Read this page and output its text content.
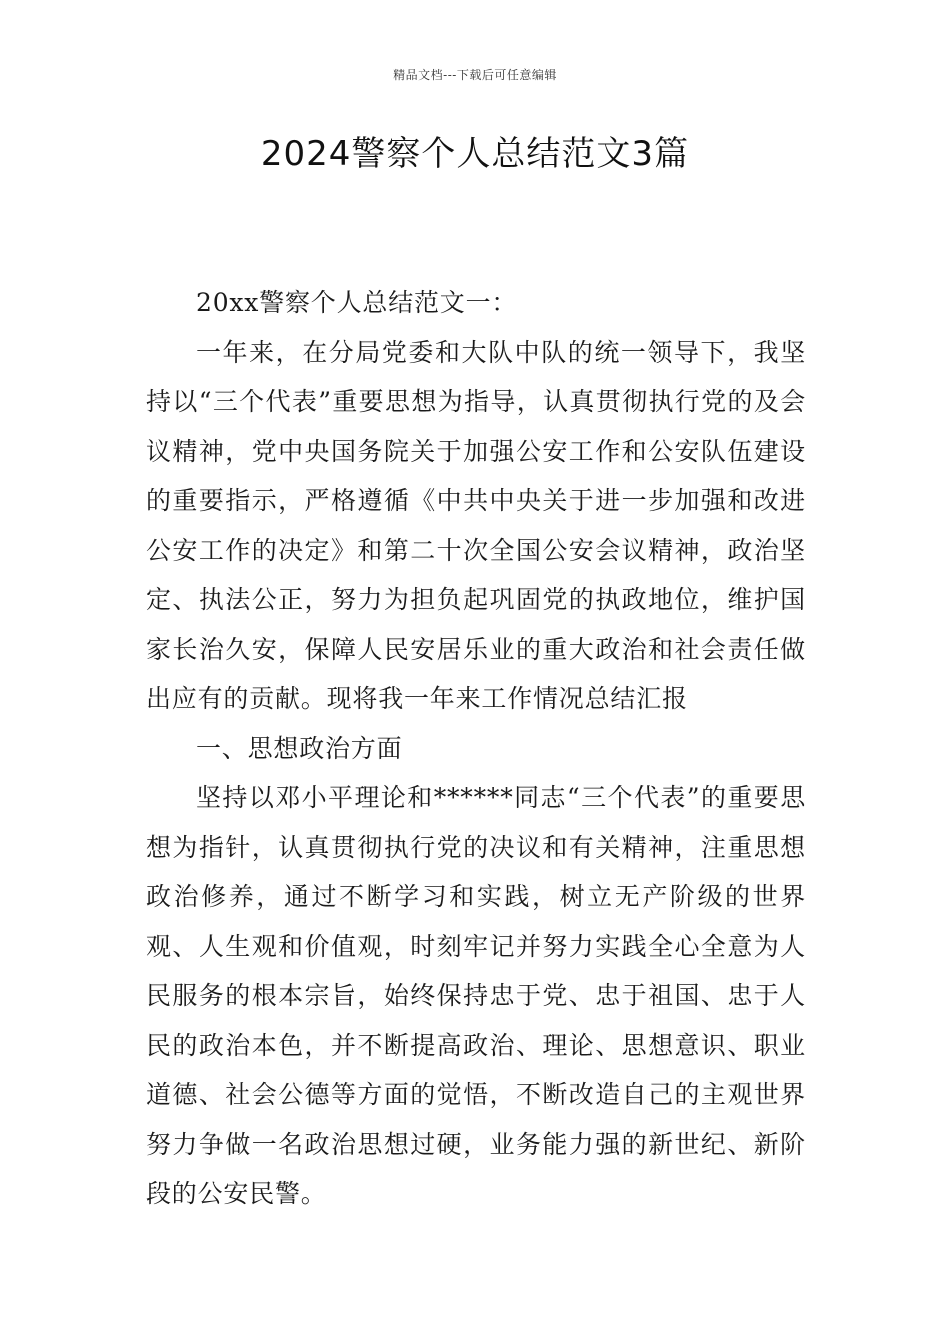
精品文档---下载后可任意编辑
2024警察个人总结范文3篇

20xx警察个人总结范文一：

一年来，在分局党委和大队中队的统一领导下，我坚持以“三个代表”重要思想为指导，认真贯彻执行党的及会议精神，党中央国务院关于加强公安工作和公安队伍建设的重要指示，严格遵循《中共中央关于进一步加强和改进公安工作的决定》和第二十次全国公安会议精神，政治坚定、执法公正，努力为担负起巩固党的执政地位，维护国家长治久安，保障人民安居乐业的重大政治和社会责任做出应有的贡献。现将我一年来工作情况总结汇报

一、思想政治方面

坚持以邓小平理论和******同志“三个代表”的重要思想为指针，认真贯彻执行党的决议和有关精神，注重思想政治修养，通过不断学习和实践，树立无产阶级的世界观、人生观和价值观，时刻牢记并努力实践全心全意为人民服务的根本宗旨，始终保持忠于党、忠于祖国、忠于人民的政治本色，并不断提高政治、理论、思想意识、职业道德、社会公德等方面的觉悟，不断改造自己的主观世界努力争做一名政治思想过硬，业务能力强的新世纪、新阶段的公安民警。
